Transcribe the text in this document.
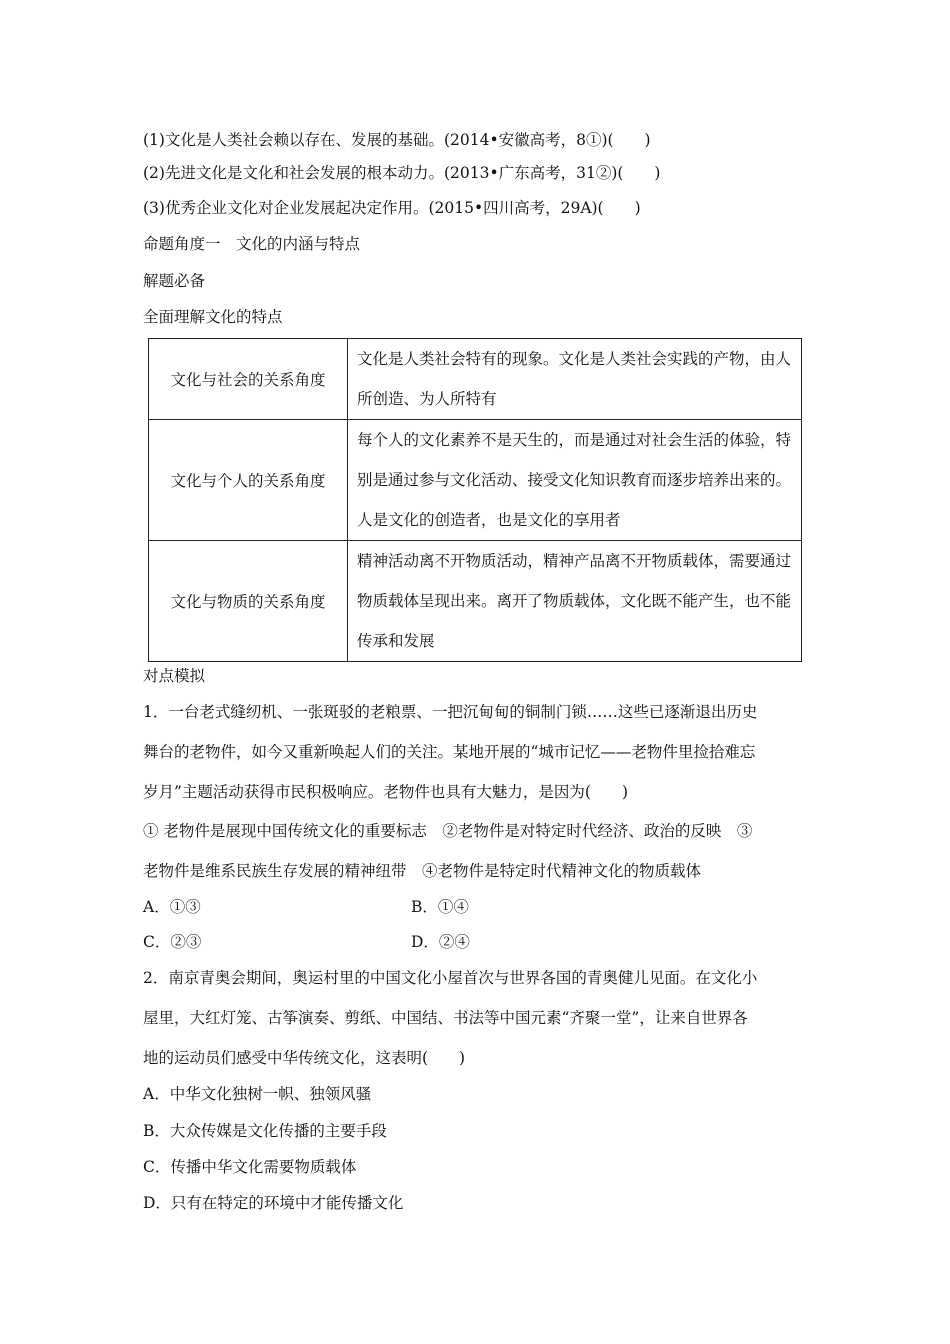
(1)文化是人类社会赖以存在、发展的基础。(2014•安徽高考，8①)(　　)
(2)先进文化是文化和社会发展的根本动力。(2013•广东高考，31②)(　　)
(3)优秀企业文化对企业发展起决定作用。(2015•四川高考，29A)(　　)
命题角度一　文化的内涵与特点
解题必备
全面理解文化的特点
文化与社会的关系角度	文化是人类社会特有的现象。文化是人类社会实践的产物，由人所创造、为人所特有
文化与个人的关系角度	每个人的文化素养不是天生的，而是通过对社会生活的体验，特别是通过参与文化活动、接受文化知识教育而逐步培养出来的。人是文化的创造者，也是文化的享用者
文化与物质的关系角度	精神活动离不开物质活动，精神产品离不开物质载体，需要通过物质载体呈现出来。离开了物质载体，文化既不能产生，也不能传承和发展
对点模拟
1．一台老式缝纫机、一张斑驳的老粮票、一把沉甸甸的铜制门锁……这些已逐渐退出历史
舞台的老物件，如今又重新唤起人们的关注。某地开展的“城市记忆——老物件里捡拾难忘
岁月”主题活动获得市民积极响应。老物件也具有大魅力，是因为(　　)
① 老物件是展现中国传统文化的重要标志　②老物件是对特定时代经济、政治的反映　③
老物件是维系民族生存发展的精神纽带　④老物件是特定时代精神文化的物质载体
A．①③	B．①④
C．②③	D．②④
2．南京青奥会期间，奥运村里的中国文化小屋首次与世界各国的青奥健儿见面。在文化小
屋里，大红灯笼、古筝演奏、剪纸、中国结、书法等中国元素“齐聚一堂”，让来自世界各
地的运动员们感受中华传统文化，这表明(　　)
A．中华文化独树一帜、独领风骚
B．大众传媒是文化传播的主要手段
C．传播中华文化需要物质载体
D．只有在特定的环境中才能传播文化
